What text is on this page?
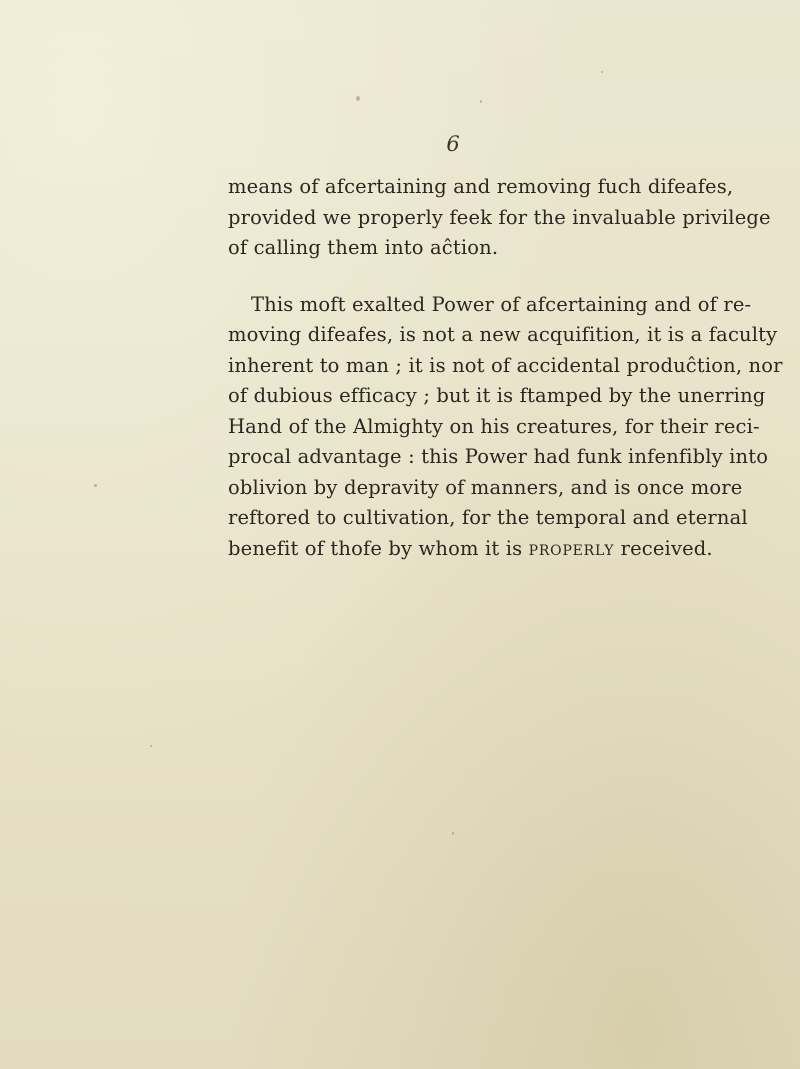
6
means of afcertaining and removing fuch difeafes,
provided we properly feek for the invaluable privilege
of calling them into aĉtion.
This moft exalted Power of afcertaining and of re-
moving difeafes, is not a new acquifition, it is a faculty
inherent to man ; it is not of accidental produĉtion, nor
of dubious efficacy ; but it is ftamped by the unerring
Hand of the Almighty on his creatures, for their reci-
procal advantage : this Power had funk infenfibly into
oblivion by depravity of manners, and is once more
reftored to cultivation, for the temporal and eternal
benefit of thofe by whom it is properly received.
